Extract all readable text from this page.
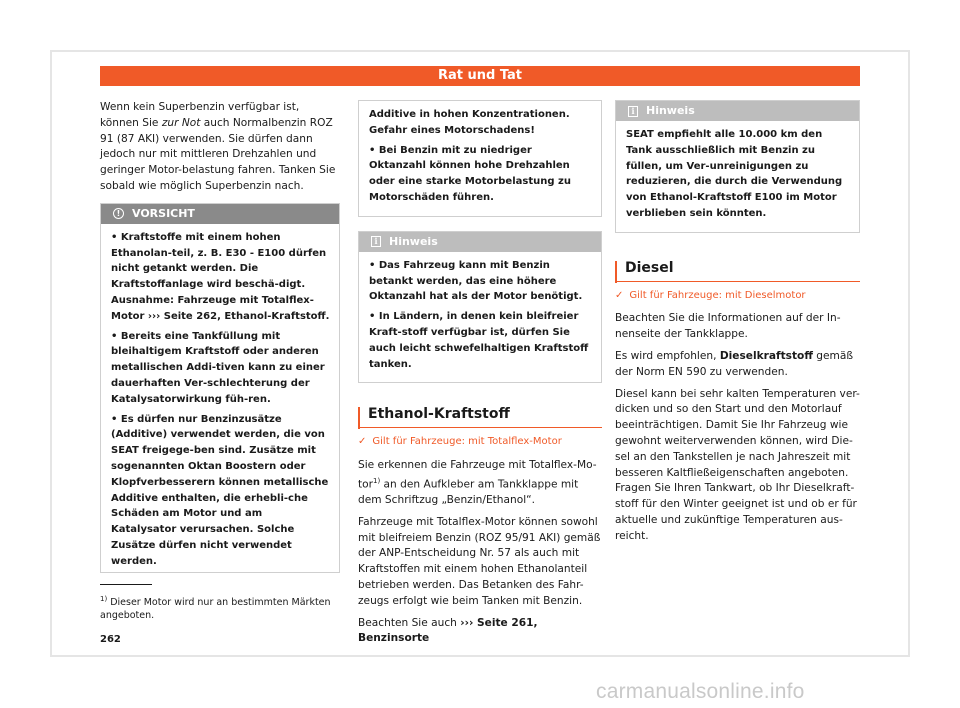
Rat und Tat

Wenn kein Superbenzin verfügbar ist, können Sie zur Not auch Normalbenzin ROZ 91 (87 AKI) verwenden. Sie dürfen dann jedoch nur mit mittleren Drehzahlen und geringer Motor-belastung fahren. Tanken Sie sobald wie möglich Superbenzin nach.

!	VORSICHT

• Kraftstoffe mit einem hohen Ethanolan-teil, z. B. E30 - E100 dürfen nicht getankt werden. Die Kraftstoffanlage wird beschä-digt. Ausnahme: Fahrzeuge mit Totalflex-Motor ››› Seite 262, Ethanol-Kraftstoff.

• Bereits eine Tankfüllung mit bleihaltigem Kraftstoff oder anderen metallischen Addi-tiven kann zu einer dauerhaften Ver-schlechterung der Katalysatorwirkung füh-ren.

• Es dürfen nur Benzinzusätze (Additive) verwendet werden, die von SEAT freigege-ben sind. Zusätze mit sogenannten Oktan Boostern oder Klopfverbesserern können metallische Additive enthalten, die erhebli-che Schäden am Motor und am Katalysator verursachen. Solche Zusätze dürfen nicht verwendet werden.

Additive in hohen Konzentrationen. Gefahr eines Motorschadens!

• Bei Benzin mit zu niedriger Oktanzahl können hohe Drehzahlen oder eine starke Motorbelastung zu Motorschäden führen.

i	Hinweis

• Das Fahrzeug kann mit Benzin betankt werden, das eine höhere Oktanzahl hat als der Motor benötigt.

• In Ländern, in denen kein bleifreier Kraft-stoff verfügbar ist, dürfen Sie auch leicht schwefelhaltigen Kraftstoff tanken.

Ethanol-Kraftstoff
✓ Gilt für Fahrzeuge: mit Totalflex-Motor

Sie erkennen die Fahrzeuge mit Totalflex-Mo-tor$^{1)}$ an den Aufkleber am Tankklappe mit dem Schriftzug „Benzin/Ethanol“.

Fahrzeuge mit Totalflex-Motor können sowohl mit bleifreiem Benzin (ROZ 95/91 AKI) gemäß der ANP-Entscheidung Nr. 57 als auch mit Kraftstoffen mit einem hohen Ethanolanteil betrieben werden. Das Betanken des Fahr-zeugs erfolgt wie beim Tanken mit Benzin.

Beachten Sie auch ››› Seite 261, Benzinsorte

i	Hinweis

SEAT empfiehlt alle 10.000 km den Tank ausschließlich mit Benzin zu füllen, um Ver-unreinigungen zu reduzieren, die durch die Verwendung von Ethanol-Kraftstoff E100 im Motor verblieben sein könnten.

Diesel
✓ Gilt für Fahrzeuge: mit Dieselmotor

Beachten Sie die Informationen auf der In-nenseite der Tankklappe.

Es wird empfohlen, Dieselkraftstoff gemäß der Norm EN 590 zu verwenden.

Diesel kann bei sehr kalten Temperaturen ver-dicken und so den Start und den Motorlauf beeinträchtigen. Damit Sie Ihr Fahrzeug wie gewohnt weiterverwenden können, wird Die-sel an den Tankstellen je nach Jahreszeit mit besseren Kaltfließeigenschaften angeboten. Fragen Sie Ihren Tankwart, ob Ihr Dieselkraft-stoff für den Winter geeignet ist und ob er für aktuelle und zukünftige Temperaturen aus-reicht.

$^{1)}$ Dieser Motor wird nur an bestimmten Märkten angeboten.
262
carmanualsonline.info
